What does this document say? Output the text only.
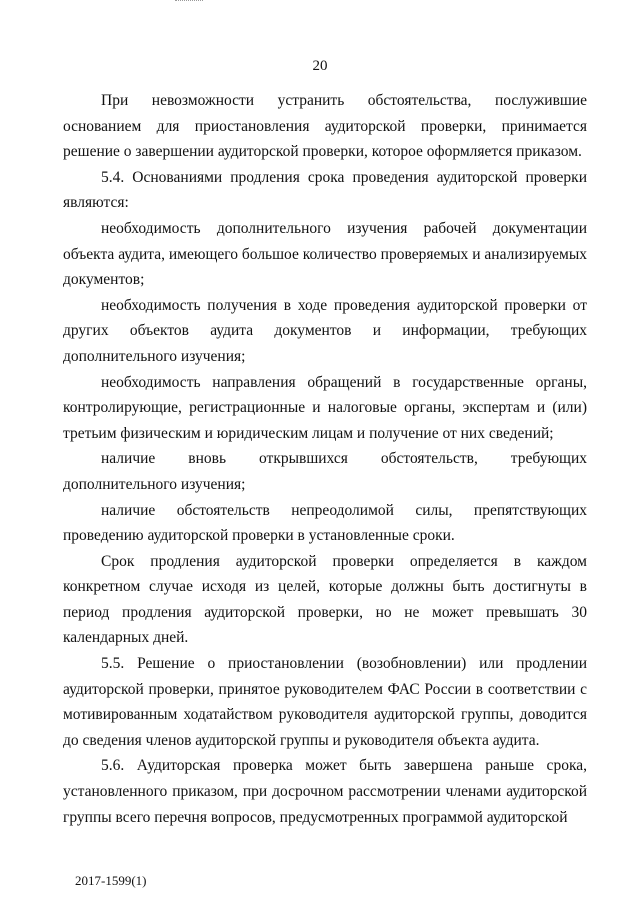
20

При невозможности устранить обстоятельства, послужившие основанием для приостановления аудиторской проверки, принимается решение о завершении аудиторской проверки, которое оформляется приказом.

5.4. Основаниями продления срока проведения аудиторской проверки являются:

необходимость дополнительного изучения рабочей документации объекта аудита, имеющего большое количество проверяемых и анализируемых документов;

необходимость получения в ходе проведения аудиторской проверки от других объектов аудита документов и информации, требующих дополнительного изучения;

необходимость направления обращений в государственные органы, контролирующие, регистрационные и налоговые органы, экспертам и (или) третьим физическим и юридическим лицам и получение от них сведений;

наличие вновь открывшихся обстоятельств, требующих дополнительного изучения;

наличие обстоятельств непреодолимой силы, препятствующих проведению аудиторской проверки в установленные сроки.

Срок продления аудиторской проверки определяется в каждом конкретном случае исходя из целей, которые должны быть достигнуты в период продления аудиторской проверки, но не может превышать 30 календарных дней.

5.5. Решение о приостановлении (возобновлении) или продлении аудиторской проверки, принятое руководителем ФАС России в соответствии с мотивированным ходатайством руководителя аудиторской группы, доводится до сведения членов аудиторской группы и руководителя объекта аудита.

5.6. Аудиторская проверка может быть завершена раньше срока, установленного приказом, при досрочном рассмотрении членами аудиторской группы всего перечня вопросов, предусмотренных программой аудиторской

2017-1599(1)
